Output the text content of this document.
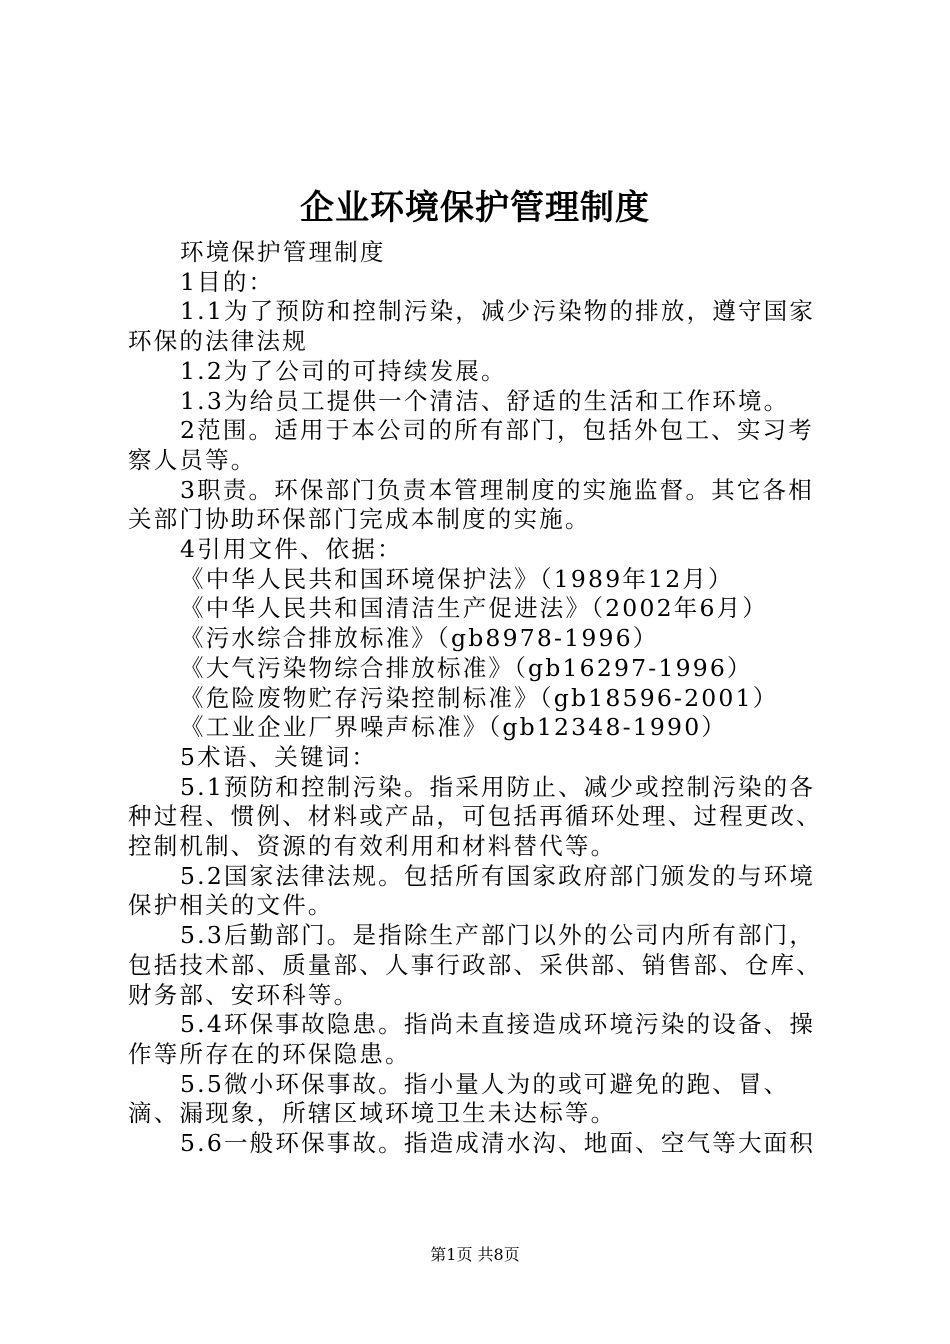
企业环境保护管理制度

环境保护管理制度

1目的：

1.1为了预防和控制污染，减少污染物的排放，遵守国家环保的法律法规

1.2为了公司的可持续发展。

1.3为给员工提供一个清洁、舒适的生活和工作环境。

2范围。适用于本公司的所有部门，包括外包工、实习考察人员等。

3职责。环保部门负责本管理制度的实施监督。其它各相关部门协助环保部门完成本制度的实施。

4引用文件、依据：

《中华人民共和国环境保护法》（1989年12月）

《中华人民共和国清洁生产促进法》（2002年6月）

《污水综合排放标准》（gb8978-1996）

《大气污染物综合排放标准》（gb16297-1996）

《危险废物贮存污染控制标准》（gb18596-2001）

《工业企业厂界噪声标准》（gb12348-1990）

5术语、关键词：

5.1预防和控制污染。指采用防止、减少或控制污染的各种过程、惯例、材料或产品，可包括再循环处理、过程更改、控制机制、资源的有效利用和材料替代等。

5.2国家法律法规。包括所有国家政府部门颁发的与环境保护相关的文件。

5.3后勤部门。是指除生产部门以外的公司内所有部门，包括技术部、质量部、人事行政部、采供部、销售部、仓库、财务部、安环科等。

5.4环保事故隐患。指尚未直接造成环境污染的设备、操作等所存在的环保隐患。

5.5微小环保事故。指小量人为的或可避免的跑、冒、滴、漏现象，所辖区域环境卫生未达标等。

5.6一般环保事故。指造成清水沟、地面、空气等大面积

第1页 共8页
